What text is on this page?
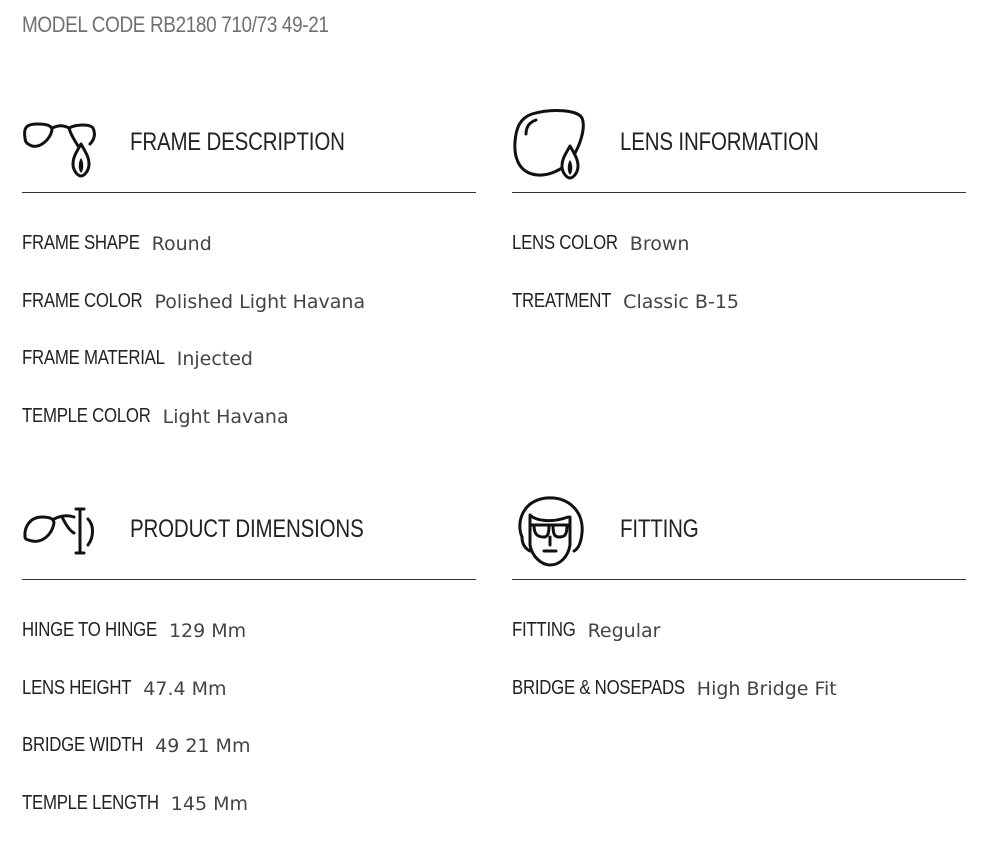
MODEL CODE RB2180 710/73 49-21
FRAME DESCRIPTION
FRAME SHAPE Round
FRAME COLOR Polished Light Havana
FRAME MATERIAL Injected
TEMPLE COLOR Light Havana
LENS INFORMATION
LENS COLOR Brown
TREATMENT Classic B-15
PRODUCT DIMENSIONS
HINGE TO HINGE 129 Mm
LENS HEIGHT 47.4 Mm
BRIDGE WIDTH 49 21 Mm
TEMPLE LENGTH 145 Mm
FITTING
FITTING Regular
BRIDGE & NOSEPADS High Bridge Fit
